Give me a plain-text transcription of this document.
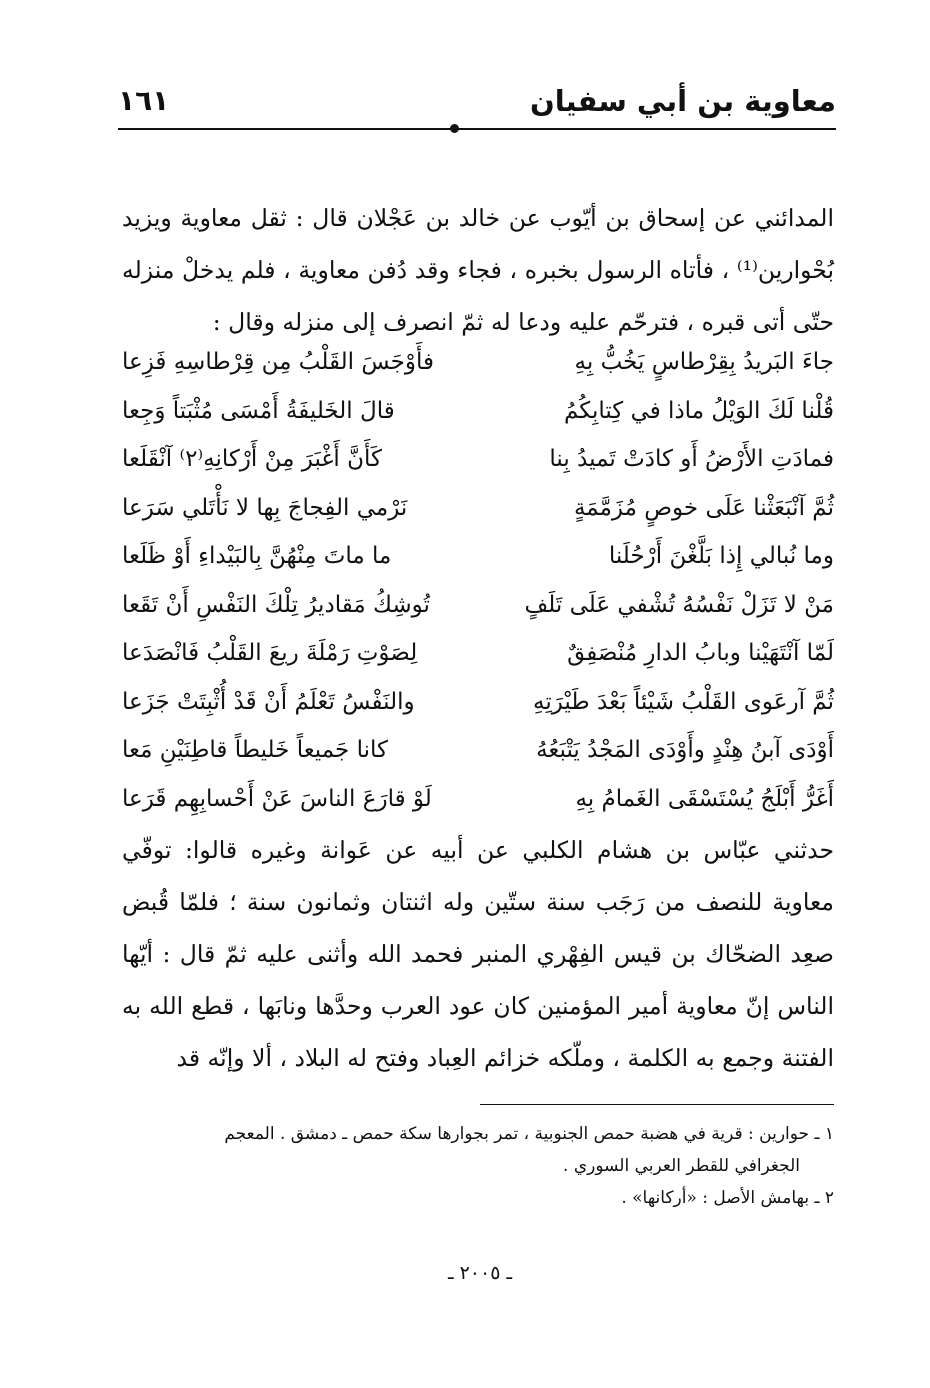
معاوية بن أبي سفيان
١٦١
المدائني عن إسحاق بن أيّوب عن خالد بن عَجْلان قال : ثقل معاوية ويزيد بُحْوارين⁽¹⁾ ، فأتاه الرسول بخبره ، فجاء وقد دُفن معاوية ، فلم يدخلْ منزله حتّى أتى قبره ، فترحّم عليه ودعا له ثمّ انصرف إلى منزله وقال :
جاءَ البَريدُ بِقِرْطاسٍ يَخُبُّ بِهِ
فأَوْجَسَ القَلْبُ مِن قِرْطاسِهِ فَزِعا
قُلْنا لَكَ الوَيْلُ ماذا في كِتابِكُمُ
قالَ الخَليفَةُ أَمْسَى مُثْبَتاً وَجِعا
فمادَتِ الأَرْضُ أَو كادَتْ تَميدُ بِنا
كَأَنَّ أَغْبَرَ مِنْ أَرْكانِهِ⁽٢⁾ آنْقَلَعا
ثُمَّ آنْبَعَثْنا عَلَى خوصٍ مُزَمَّمَةٍ
نَرْمي الفِجاجَ بِها لا نَأْتَلي سَرَعا
وما نُبالي إِذا بَلَّغْنَ أَرْحُلَنا
ما ماتَ مِنْهُنَّ بِالبَيْداءِ أَوْ ظَلَعا
مَنْ لا تَزَلْ نَفْسُهُ تُشْفي عَلَى تَلَفٍ
تُوشِكُ مَقاديرُ تِلْكَ النَفْسِ أَنْ تَقَعا
لَمّا آنْتَهَيْنا وبابُ الدارِ مُنْصَفِقٌ
لِصَوْتِ رَمْلَةَ ريعَ القَلْبُ فَانْصَدَعا
ثُمَّ آرعَوى القَلْبُ شَيْئاً بَعْدَ طَيْرَتِهِ
والنَفْسُ تَعْلَمُ أَنْ قَدْ أُثْبِتَتْ جَزَعا
أَوْدَى آبنُ هِنْدٍ وأَوْدَى المَجْدُ يَتْبَعُهُ
كانا جَميعاً خَليطاً قاطِنَيْنِ مَعا
أَغَرُّ أَبْلَجُ يُسْتَسْقَى الغَمامُ بِهِ
لَوْ قارَعَ الناسَ عَنْ أَحْسابِهِم قَرَعا
حدثني عبّاس بن هشام الكلبي عن أبيه عن عَوانة وغيره قالوا: توفّي معاوية للنصف من رَجَب سنة ستّين وله اثنتان وثمانون سنة ؛ فلمّا قُبض صعِد الضحّاك بن قيس الفِهْري المنبر فحمد الله وأثنى عليه ثمّ قال : أيّها الناس إنّ معاوية أمير المؤمنين كان عود العرب وحدَّها ونابَها ، قطع الله به الفتنة وجمع به الكلمة ، وملّكه خزائم العِباد وفتح له البلاد ، ألا وإنّه قد

١ ـ حوارين : قرية في هضبة حمص الجنوبية ، تمر بجوارها سكة حمص ـ دمشق . المعجم

الجغرافي للقطر العربي السوري .

٢ ـ بهامش الأصل : «أركانها» .

ـ ٢٠٠٥ ـ
